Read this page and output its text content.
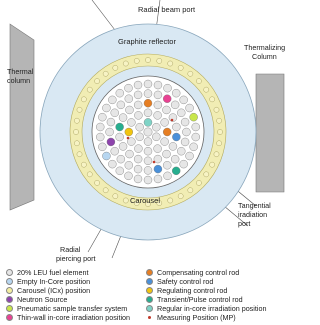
Radial beam port
Graphite reflector
Thermal
column
Thermalizing
Column
Carousel
Radial
piercing port
Tangential
iradiation
port
20% LEU fuel element
Empty In-Core position
Carousel (ICx) position
Neutron Source
Pneumatic sample transfer system
Thin-wall in-core irradiation position
Compensating control rod
Safety control rod
Regulating control rod
Transient/Pulse control rod
Regular in-core irradiation position
Measuring Position (MP)
